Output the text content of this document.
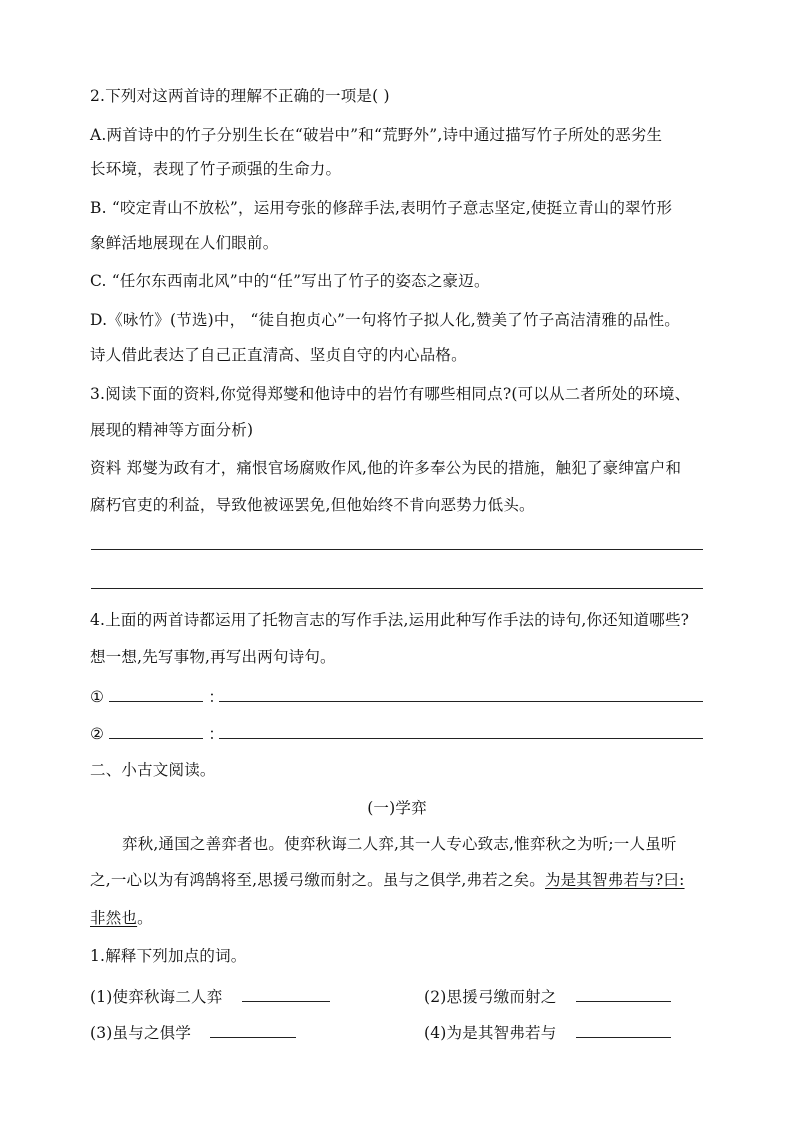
2.下列对这两首诗的理解不正确的一项是( )
A.两首诗中的竹子分别生长在“破岩中”和“荒野外”,诗中通过描写竹子所处的恶劣生
长环境，表现了竹子顽强的生命力。
B. “咬定青山不放松”，运用夸张的修辞手法,表明竹子意志坚定,使挺立青山的翠竹形
象鲜活地展现在人们眼前。
C. “任尔东西南北风”中的“任”写出了竹子的姿态之豪迈。
D.《咏竹》(节选)中， “徒自抱贞心”一句将竹子拟人化,赞美了竹子高洁清雅的品性。
诗人借此表达了自己正直清高、坚贞自守的内心品格。
3.阅读下面的资料,你觉得郑燮和他诗中的岩竹有哪些相同点?(可以从二者所处的环境、
展现的精神等方面分析)
资料 郑燮为政有才，痛恨官场腐败作风,他的许多奉公为民的措施，触犯了豪绅富户和
腐朽官吏的利益，导致他被诬罢免,但他始终不肯向恶势力低头。
4.上面的两首诗都运用了托物言志的写作手法,运用此种写作手法的诗句,你还知道哪些?
想一想,先写事物,再写出两句诗句。
①	：
②	：
二、小古文阅读。
(一)学弈
弈秋,通国之善弈者也。使弈秋诲二人弈,其一人专心致志,惟弈秋之为听;一人虽听
之,一心以为有鸿鹄将至,思援弓缴而射之。虽与之俱学,弗若之矣。为是其智弗若与?曰:
非然也。
1.解释下列加点的词。
(1)使弈秋诲二人弈	(2)思援弓缴而射之
(3)虽与之俱学	(4)为是其智弗若与
